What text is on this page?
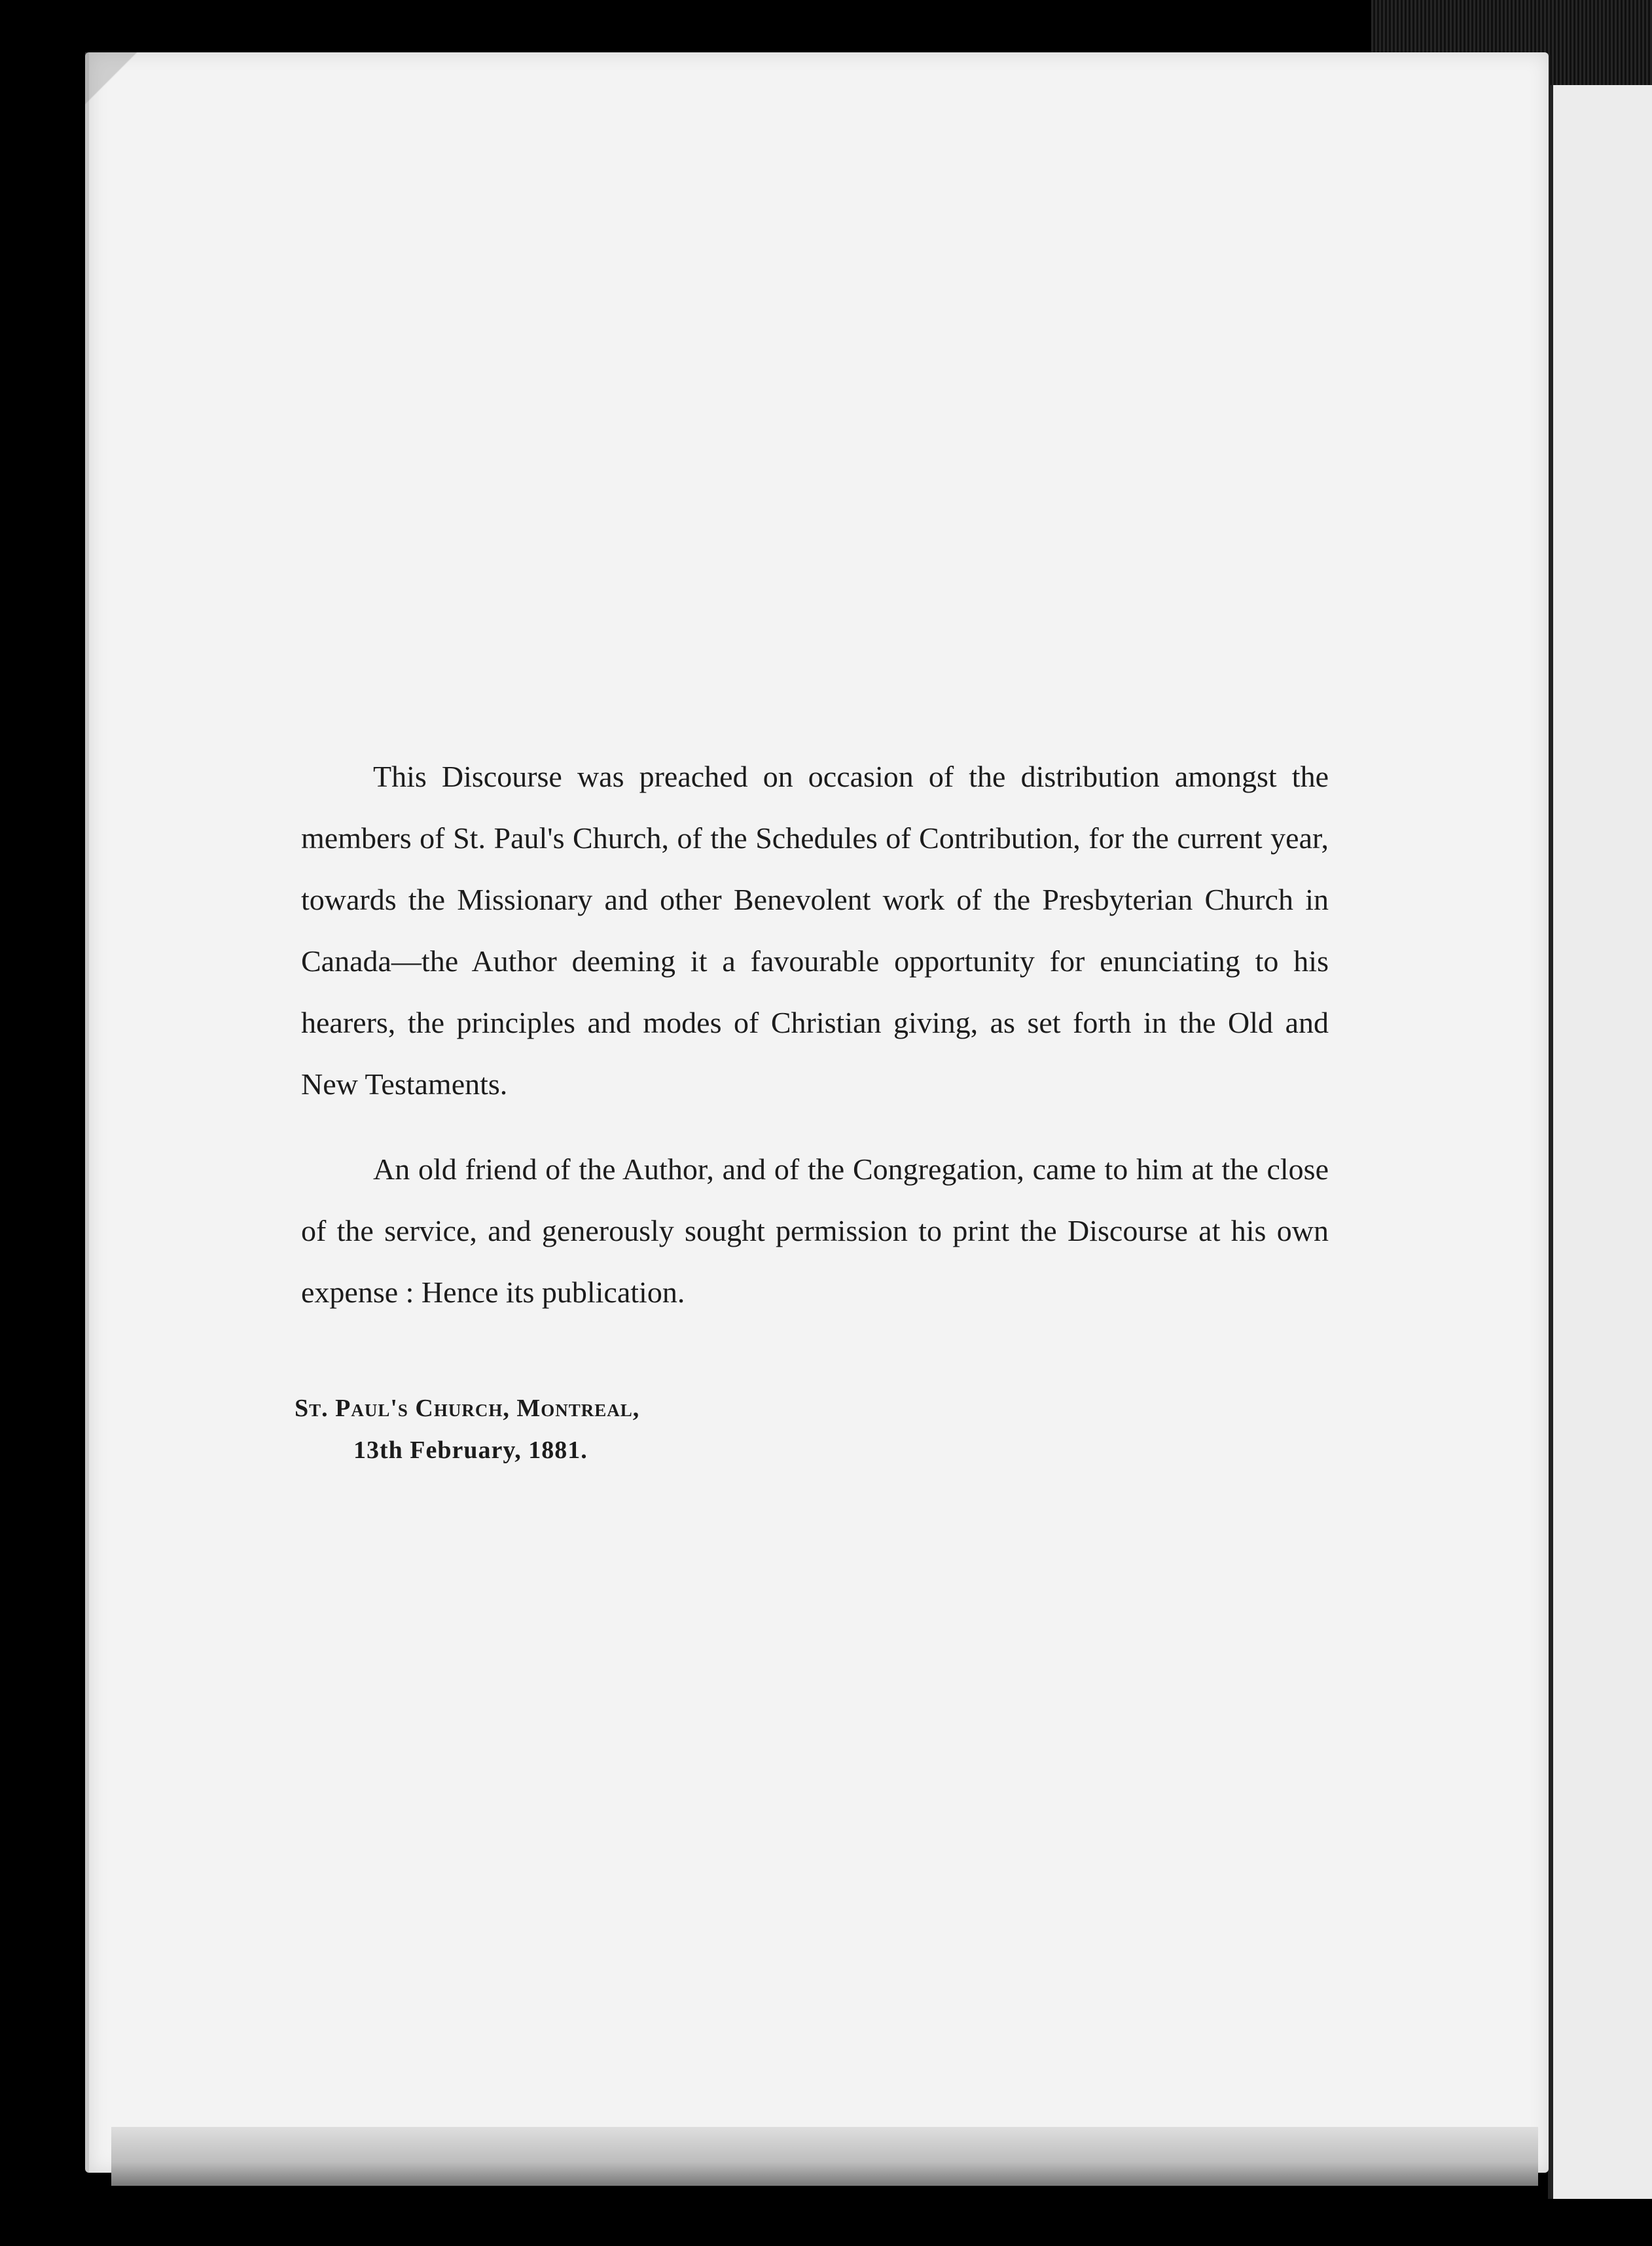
This Discourse was preached on occasion of the distribution amongst the members of St. Paul's Church, of the Schedules of Contribution, for the current year, towards the Missionary and other Benevolent work of the Presbyterian Church in Canada—the Author deeming it a favourable opportunity for enunciating to his hearers, the principles and modes of Christian giving, as set forth in the Old and New Testaments.

An old friend of the Author, and of the Congregation, came to him at the close of the service, and generously sought permission to print the Discourse at his own expense : Hence its publication.

St. Paul's Church, Montreal,
13th February, 1881.
